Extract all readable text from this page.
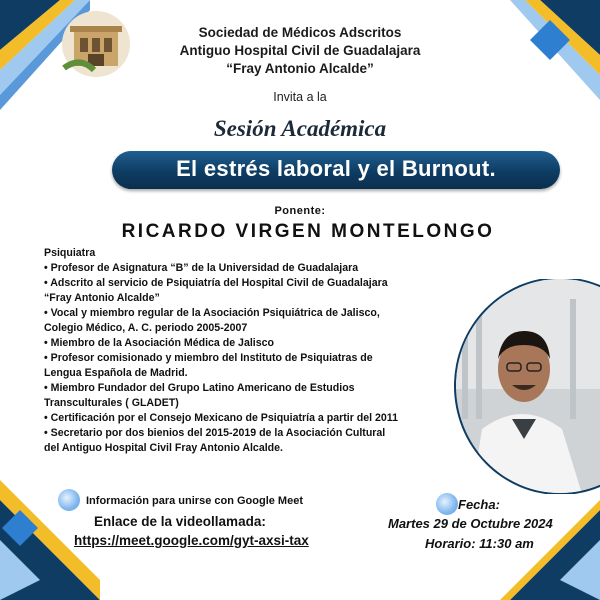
Sociedad de Médicos Adscritos
Antiguo Hospital Civil de Guadalajara
“Fray Antonio Alcalde”
Invita a la
Sesión Académica
El estrés laboral y el Burnout.
Ponente:
RICARDO VIRGEN MONTELONGO
Psiquiatra
• Profesor de Asignatura “B” de la Universidad de Guadalajara
• Adscrito al servicio de Psiquiatría del Hospital Civil de Guadalajara
“Fray Antonio Alcalde”
• Vocal y miembro regular de la Asociación Psiquiátrica de Jalisco,
Colegio Médico, A. C. periodo 2005-2007
• Miembro de la Asociación Médica de Jalisco
• Profesor comisionado y miembro del Instituto de Psiquiatras de
Lengua Española de Madrid.
• Miembro Fundador del Grupo Latino Americano de Estudios
Transculturales ( GLADET)
• Certificación por el Consejo Mexicano de Psiquiatría a partir del 2011
• Secretario por dos bienios del 2015-2019 de la Asociación Cultural
del Antiguo Hospital Civil Fray Antonio Alcalde.
Información para unirse con Google Meet
Enlace de la videollamada:
https://meet.google.com/gyt-axsi-tax
Fecha:
Martes 29 de Octubre 2024
Horario: 11:30 am
